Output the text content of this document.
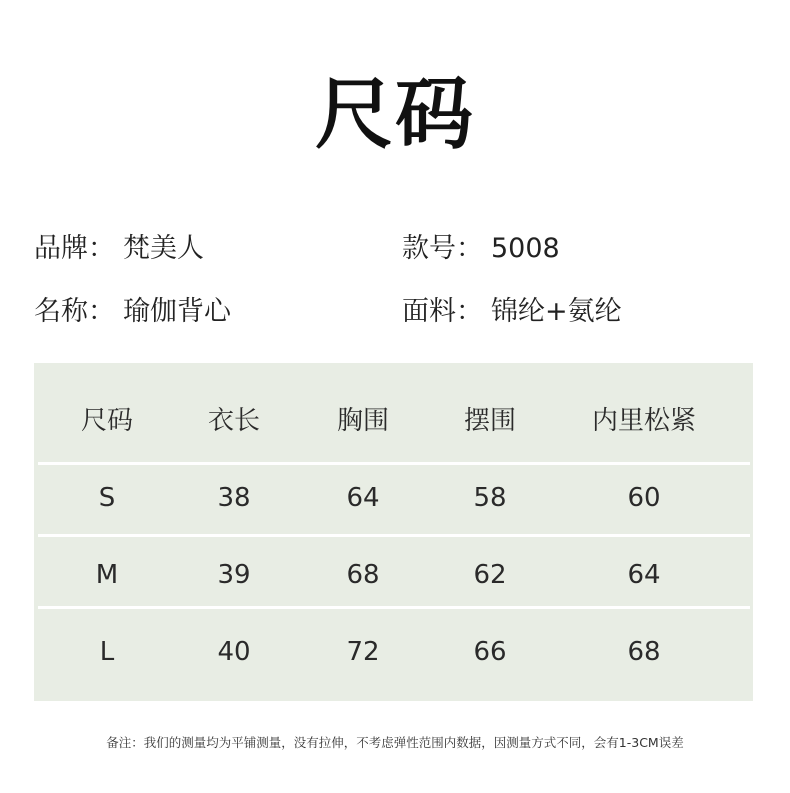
尺码
品牌： 梵美人	款号： 5008
名称： 瑜伽背心	面料： 锦纶+氨纶
尺码	衣长	胸围	摆围	内里松紧
S	38	64	58	60
M	39	68	62	64
L	40	72	66	68
备注：我们的测量均为平铺测量，没有拉伸，不考虑弹性范围内数据，因测量方式不同，会有1-3CM误差
